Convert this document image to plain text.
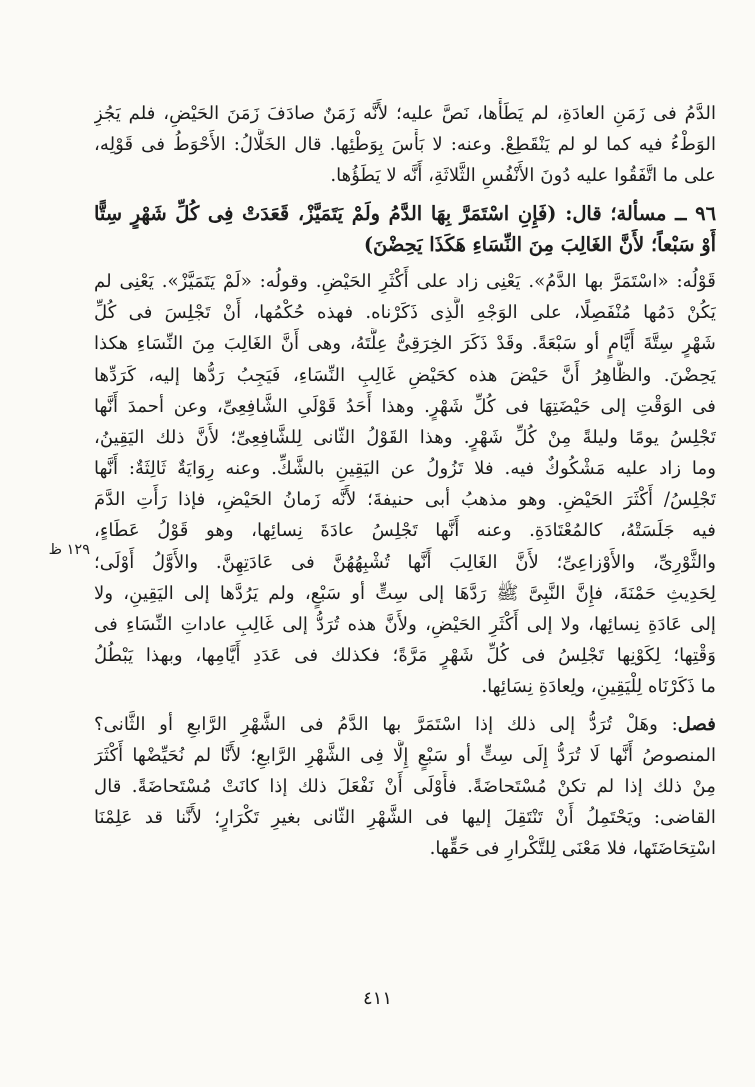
الدَّمُ فى زَمَنِ العادَةِ، لم يَطَأْها، نَصَّ عليه؛ لأَنَّه زَمَنٌ صادَفَ زَمَنَ الحَيْضِ، فلم يَجُزِ
الوَطْءُ فيه كما لو لم يَنْقَطِعْ. وعنه: لا بَأْسَ بِوَطْئِها. قال الخَلَّالُ: الأَحْوَطُ فى قَوْلِه،
على ما اتَّفَقُوا عليه دُونَ الأَنْفُسِ الثَّلاثَةِ، أَنَّه لا يَطَؤُها.
٩٦ ــ مسألة؛ قال: (فَإِنِ اسْتَمَرَّ بِهَا الدَّمُ ولَمْ يَتَمَيَّزْ، قَعَدَتْ فِى كُلِّ شَهْرٍ سِتًّا
أَوْ سَبْعاً؛ لأَنَّ الغَالِبَ مِنَ النِّسَاءِ هَكَذَا يَحِضْنَ)
قَوْلُه: «اسْتَمَرَّ بها الدَّمُ». يَعْنِى زاد على أَكْثَرِ الحَيْضِ. وقولُه: «لَمْ يَتَمَيَّزْ». يَعْنِى لم
يَكُنْ دَمُها مُنْفَصِلًا، على الوَجْهِ الَّذِى ذَكَرْناه. فهذه حُكْمُها، أَنْ تَجْلِسَ فى كُلِّ
شَهْرٍ سِتَّةَ أَيَّامٍ أو سَبْعَةً. وقَدْ ذَكَرَ الخِرَقِىُّ عِلَّتَهُ، وهى أَنَّ الغَالِبَ مِنَ النِّسَاءِ هكذا
يَحِضْنَ. والظَّاهِرُ أَنَّ حَيْضَ هذه كحَيْضِ غَالِبِ النِّسَاءِ، فَيَجِبُ رَدُّها إليه، كَرَدِّها
فى الوَقْتِ إلى حَيْضَتِهَا فى كُلِّ شَهْرٍ. وهذا أَحَدُ قَوْلَىِ الشَّافِعِىِّ، وعن أحمدَ أَنَّها
تَجْلِسُ يومًا وليلةً مِنْ كُلِّ شَهْرٍ. وهذا القَوْلُ الثّانى لِلشَّافِعِىِّ؛ لأَنَّ ذلك اليَقِينُ،
وما زاد عليه مَشْكُوكٌ فيه. فلا تَزُولُ عن اليَقِينِ بالشَّكِّ. وعنه رِوَايَةٌ ثَالِثَةٌ: أَنَّها
تَجْلِسُ/ أَكْثَرَ الحَيْضِ. وهو مذهبُ أبى حنيفةَ؛ لأَنَّه زَمانُ الحَيْضِ، فإذا رَأَتِ الدَّمَ
فيه جَلَسَتْهُ، كالمُعْتَادَةِ. وعنه أَنَّها تَجْلِسُ عادَةَ نِسائِها، وهو قَوْلُ عَطَاءٍ،
والثَّوْرِىِّ، والأَوْزاعِىِّ؛ لأَنَّ الغَالِبَ أَنَّها تُشْبِهُهُنَّ فى عَادَتِهِنَّ. والأَوَّلُ أَوْلَى؛
لِحَدِيثِ حَمْنَةَ، فإِنَّ النَّبِىَّ ﷺ رَدَّهَا إلى سِتٍّ أو سَبْعٍ، ولم يَرُدَّها إلى اليَقِينِ، ولا
إلى عَادَةِ نِسائِها، ولا إلى أَكْثَرِ الحَيْضِ، ولأَنَّ هذه تُرَدُّ إلى غَالِبِ عاداتِ النِّسَاءِ فى
وَقْتِها؛ لِكَوْنِها تَجْلِسُ فى كُلِّ شَهْرٍ مَرَّةً؛ فكذلك فى عَدَدِ أَيَّامِها، وبهذا يَبْطُلُ
ما ذَكَرْنَاه لِلْيَقِينِ، ولِعادَةِ نِسَائِها.
فصل: وهَلْ تُرَدُّ إلى ذلك إذا اسْتَمَرَّ بها الدَّمُ فى الشَّهْرِ الرَّابعِ أو الثَّانى؟
المنصوصُ أَنَّها لَا تُرَدُّ إِلَى سِتٍّ أو سَبْعٍ إِلَّا فِى الشَّهْرِ الرَّابعِ؛ لأَنَّا لم نُحَيِّضْها أَكْثَرَ
مِنْ ذلك إذا لم تكنْ مُسْتَحاضَةً. فأَوْلَى أَنْ نَفْعَلَ ذلك إذا كانَتْ مُسْتَحاضَةً. قال
القاضى: ويَحْتَمِلُ أَنْ تَنْتَقِلَ إليها فى الشَّهْرِ الثّانى بغيرِ تَكْرَارٍ؛ لأَنَّنا قد عَلِمْنَا
اسْتِحَاضَتَها، فلا مَعْنَى لِلتَّكْرارِ فى حَقِّها.
١٢٩ ظ
٤١١
